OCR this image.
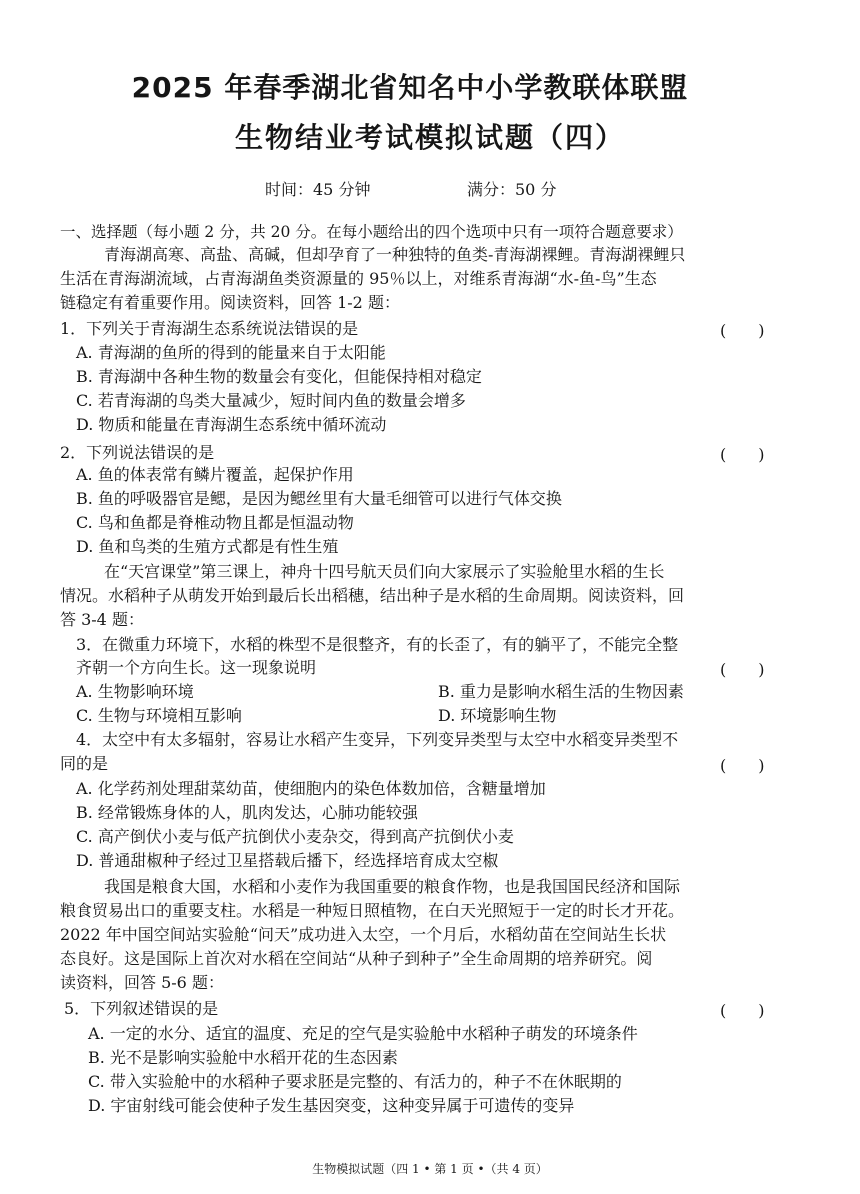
2025 年春季湖北省知名中小学教联体联盟
生物结业考试模拟试题（四）
时间：45 分钟	满分：50 分
一、选择题（每小题 2 分，共 20 分。在每小题给出的四个选项中只有一项符合题意要求）
青海湖高寒、高盐、高碱，但却孕育了一种独特的鱼类-青海湖裸鲤。青海湖裸鲤只
生活在青海湖流域，占青海湖鱼类资源量的 95％以上，对维系青海湖“水-鱼-鸟”生态
链稳定有着重要作用。阅读资料，回答 1-2 题：
1．下列关于青海湖生态系统说法错误的是	(　　)
A. 青海湖的鱼所的得到的能量来自于太阳能
B. 青海湖中各种生物的数量会有变化，但能保持相对稳定
C. 若青海湖的鸟类大量减少，短时间内鱼的数量会增多
D. 物质和能量在青海湖生态系统中循环流动
2．下列说法错误的是	(　　)
A. 鱼的体表常有鳞片覆盖，起保护作用
B. 鱼的呼吸器官是鳃，是因为鳃丝里有大量毛细管可以进行气体交换
C. 鸟和鱼都是脊椎动物且都是恒温动物
D. 鱼和鸟类的生殖方式都是有性生殖
在“天宫课堂”第三课上，神舟十四号航天员们向大家展示了实验舱里水稻的生长
情况。水稻种子从萌发开始到最后长出稻穗，结出种子是水稻的生命周期。阅读资料，回
答 3-4 题：
3．在微重力环境下，水稻的株型不是很整齐，有的长歪了，有的躺平了，不能完全整
齐朝一个方向生长。这一现象说明	(　　)
A. 生物影响环境	B. 重力是影响水稻生活的生物因素
C. 生物与环境相互影响	D. 环境影响生物
4．太空中有太多辐射，容易让水稻产生变异，下列变异类型与太空中水稻变异类型不
同的是	(　　)
A. 化学药剂处理甜菜幼苗，使细胞内的染色体数加倍，含糖量增加
B. 经常锻炼身体的人，肌肉发达，心肺功能较强
C. 高产倒伏小麦与低产抗倒伏小麦杂交，得到高产抗倒伏小麦
D. 普通甜椒种子经过卫星搭载后播下，经选择培育成太空椒
我国是粮食大国，水稻和小麦作为我国重要的粮食作物，也是我国国民经济和国际
粮食贸易出口的重要支柱。水稻是一种短日照植物，在白天光照短于一定的时长才开花。
2022 年中国空间站实验舱“问天”成功进入太空，一个月后，水稻幼苗在空间站生长状
态良好。这是国际上首次对水稻在空间站“从种子到种子”全生命周期的培养研究。阅
读资料，回答 5-6 题：
5．下列叙述错误的是	(　　)
A. 一定的水分、适宜的温度、充足的空气是实验舱中水稻种子萌发的环境条件
B. 光不是影响实验舱中水稻开花的生态因素
C. 带入实验舱中的水稻种子要求胚是完整的、有活力的，种子不在休眠期的
D. 宇宙射线可能会使种子发生基因突变，这种变异属于可遗传的变异
生物模拟试题（四 1 • 第 1 页 •（共 4 页）
